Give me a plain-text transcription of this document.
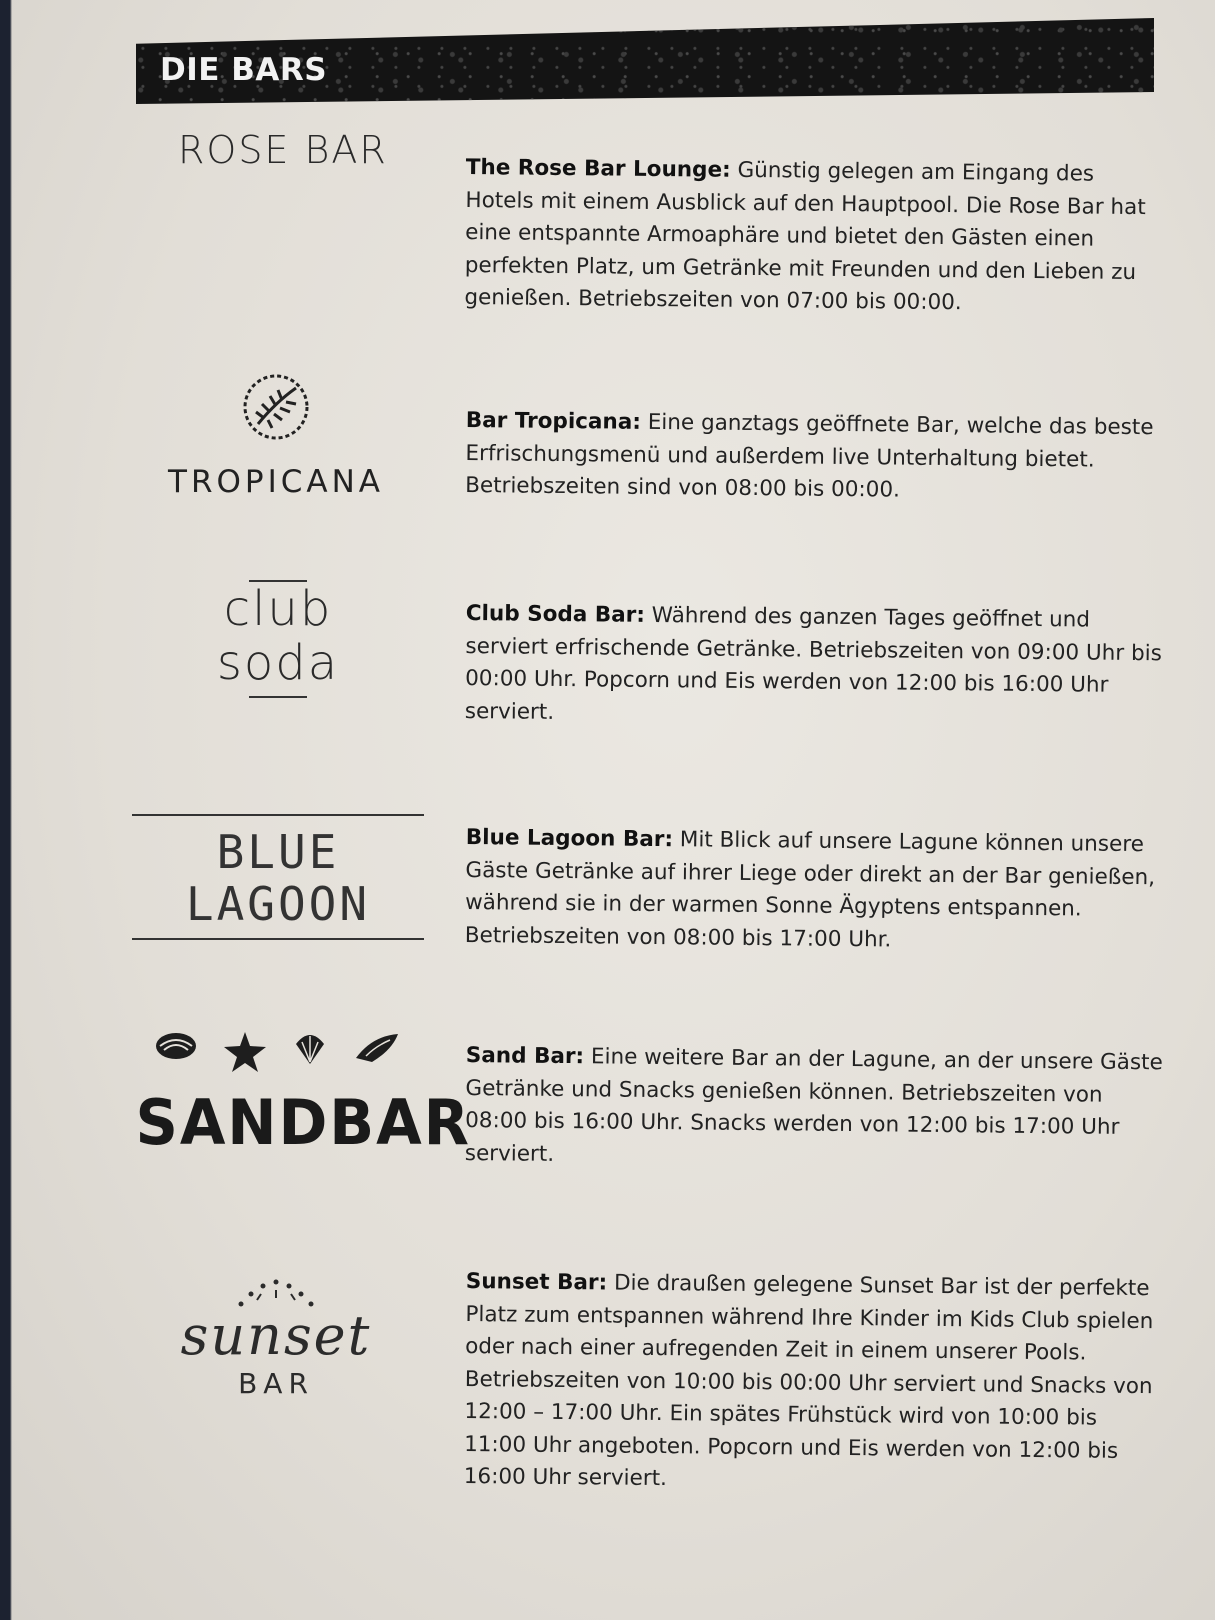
DIE BARS
ROSE BAR	The Rose Bar Lounge: Günstig gelegen am Eingang des Hotels mit einem Ausblick auf den Hauptpool. Die Rose Bar hat eine entspannte Armoaphäre und bietet den Gästen einen perfekten Platz, um Getränke mit Freunden und den Lieben zu genießen. Betriebszeiten von 07:00 bis 00:00.
TROPICANA
Bar Tropicana: Eine ganztags geöffnete Bar, welche das beste Erfrischungsmenü und außerdem live Unterhaltung bietet. Betriebszeiten sind von 08:00 bis 00:00.
club
soda
Club Soda Bar: Während des ganzen Tages geöffnet und serviert erfrischende Getränke. Betriebszeiten von 09:00 Uhr bis 00:00 Uhr. Popcorn und Eis werden von 12:00 bis 16:00 Uhr serviert.
BLUE LAGOON
Blue Lagoon Bar: Mit Blick auf unsere Lagune können unsere Gäste Getränke auf ihrer Liege oder direkt an der Bar genießen, während sie in der warmen Sonne Ägyptens entspannen. Betriebszeiten von 08:00 bis 17:00 Uhr.
SANDBAR
Sand Bar: Eine weitere Bar an der Lagune, an der unsere Gäste Getränke und Snacks genießen können. Betriebszeiten von 08:00 bis 16:00 Uhr. Snacks werden von 12:00 bis 17:00 Uhr serviert.
sunset
BAR
Sunset Bar: Die draußen gelegene Sunset Bar ist der perfekte Platz zum entspannen während Ihre Kinder im Kids Club spielen oder nach einer aufregenden Zeit in einem unserer Pools. Betriebszeiten von 10:00 bis 00:00 Uhr serviert und Snacks von 12:00 – 17:00 Uhr. Ein spätes Frühstück wird von 10:00 bis 11:00 Uhr angeboten. Popcorn und Eis werden von 12:00 bis 16:00 Uhr serviert.
